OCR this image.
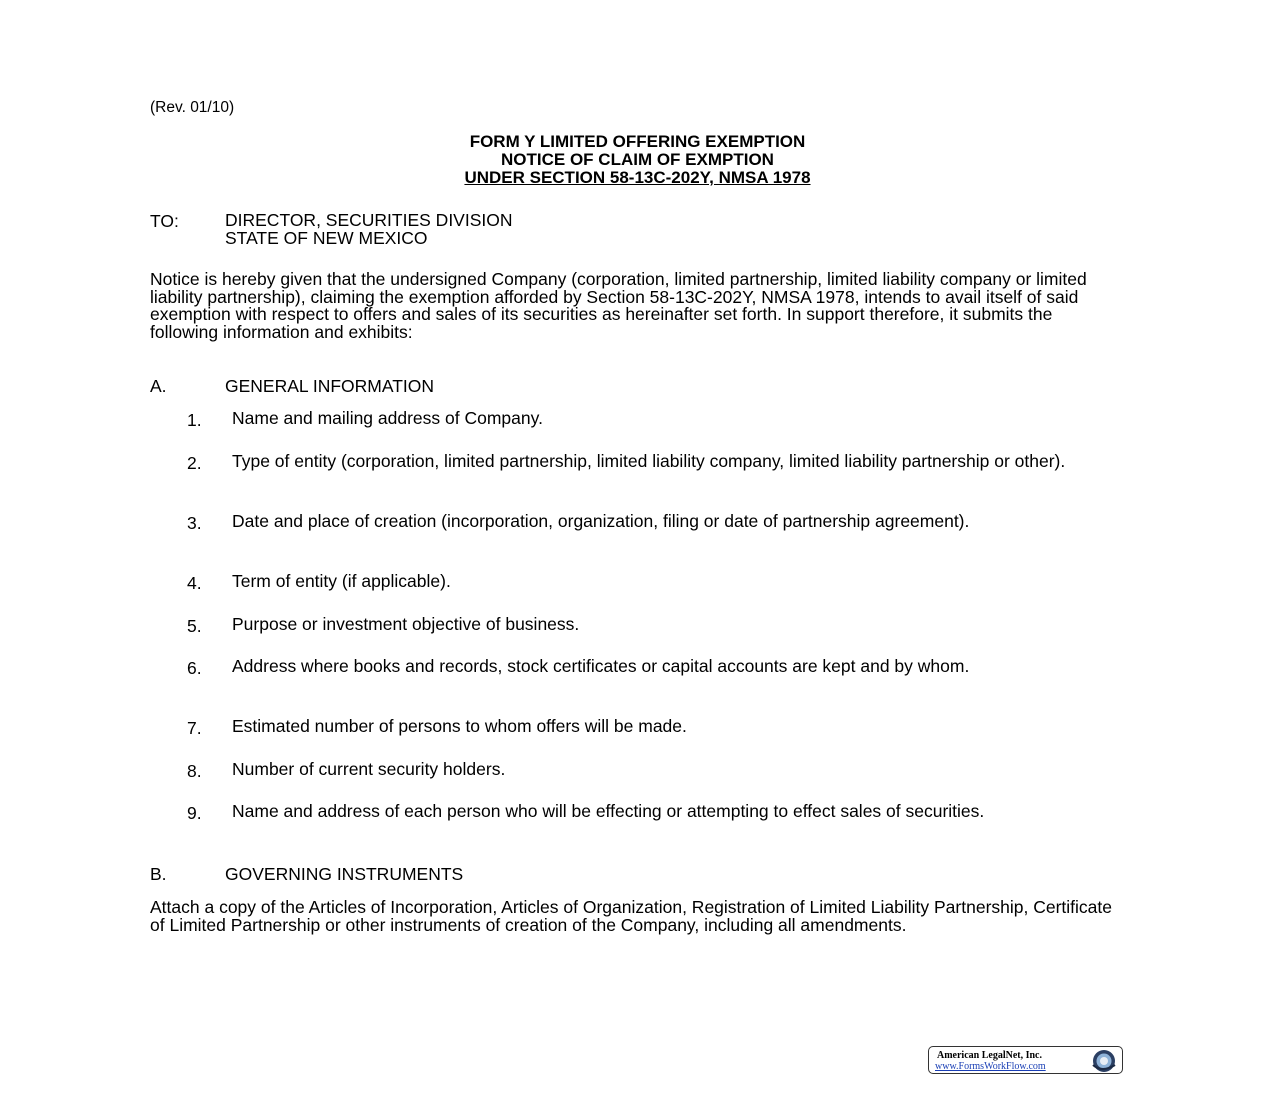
(Rev. 01/10)
FORM Y LIMITED OFFERING EXEMPTION
NOTICE OF CLAIM OF EXMPTION
UNDER SECTION 58-13C-202Y, NMSA 1978
TO:	DIRECTOR, SECURITIES DIVISION
STATE OF NEW MEXICO
Notice is hereby given that the undersigned Company (corporation, limited partnership, limited liability company or limited liability partnership), claiming the exemption afforded by Section 58-13C-202Y, NMSA 1978, intends to avail itself of said exemption with respect to offers and sales of its securities as hereinafter set forth. In support therefore, it submits the following information and exhibits:
A.	GENERAL INFORMATION
1. Name and mailing address of Company.
2. Type of entity (corporation, limited partnership, limited liability company, limited liability partnership or other).
3. Date and place of creation (incorporation, organization, filing or date of partnership agreement).
4. Term of entity (if applicable).
5. Purpose or investment objective of business.
6. Address where books and records, stock certificates or capital accounts are kept and by whom.
7. Estimated number of persons to whom offers will be made.
8. Number of current security holders.
9. Name and address of each person who will be effecting or attempting to effect sales of securities.
B.	GOVERNING INSTRUMENTS
Attach a copy of the Articles of Incorporation, Articles of Organization, Registration of Limited Liability Partnership, Certificate of Limited Partnership or other instruments of creation of the Company, including all amendments.
American LegalNet, Inc.
www.FormsWorkFlow.com
